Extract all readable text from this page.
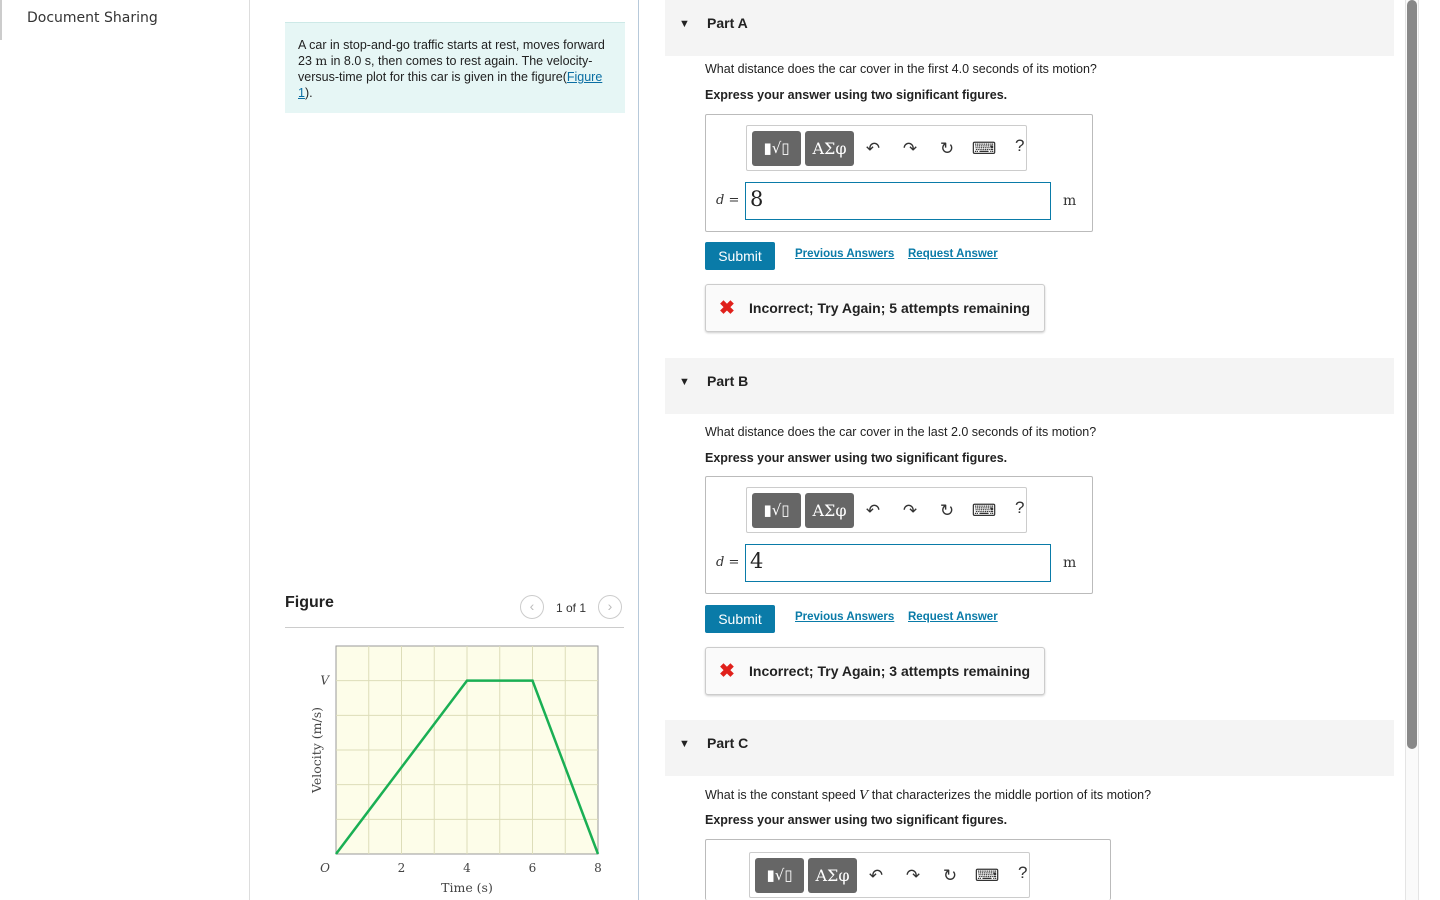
Document Sharing
A car in stop-and-go traffic starts at rest, moves forward 23 m in 8.0 s, then comes to rest again. The velocity-versus-time plot for this car is given in the figure(Figure 1).
Figure	‹	1 of 1	›
O	2	4	6	8
V
Time (s)
Velocity (m/s)
▼ Part A
What distance does the car cover in the first 4.0 seconds of its motion?
Express your answer using two significant figures.
▮√▯	ΑΣφ	↶	↷	↻	⌨ ?
d = 8	m
Submit	Previous Answers Request Answer
✖ Incorrect; Try Again; 5 attempts remaining
▼ Part B
What distance does the car cover in the last 2.0 seconds of its motion?
Express your answer using two significant figures.
▮√▯	ΑΣφ	↶	↷	↻	⌨ ?
d = 4	m
Submit	Previous Answers Request Answer
✖ Incorrect; Try Again; 3 attempts remaining
▼ Part C
What is the constant speed V that characterizes the middle portion of its motion?
Express your answer using two significant figures.
▮√▯	ΑΣφ	↶	↷	↻	⌨ ?
